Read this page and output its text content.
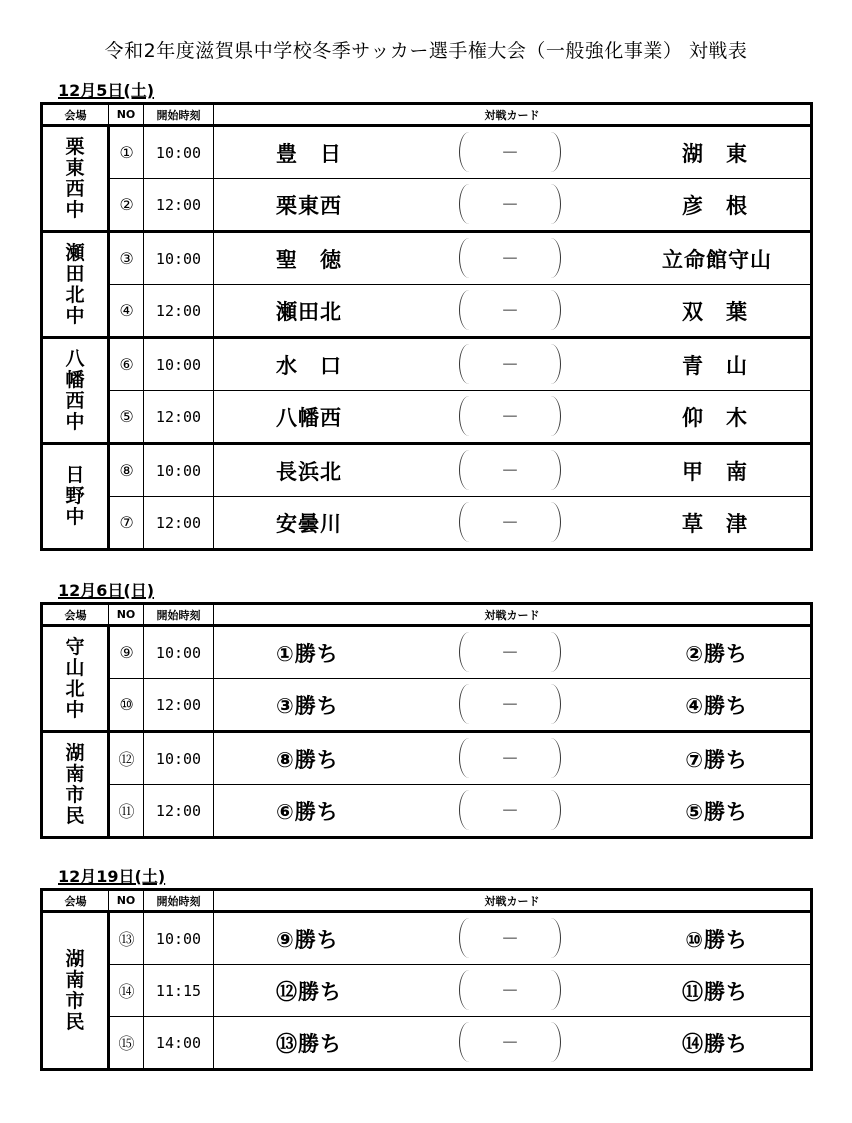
令和2年度滋賀県中学校冬季サッカー選手権大会（一般強化事業） 対戦表
12月5日(土)
会場	NO	開始時刻	対戦カード
栗東西中	①	10:00	豊　日 － 湖　東

	②	12:00	栗東西 － 彦　根

瀬田北中	③	10:00	聖　徳 － 立命館守山

	④	12:00	瀬田北 － 双　葉

八幡西中	⑥	10:00	水　口 － 青　山

	⑤	12:00	八幡西 － 仰　木

日野中	⑧	10:00	長浜北 － 甲　南

	⑦	12:00	安曇川 － 草　津
12月6日(日)
会場	NO	開始時刻	対戦カード
守山北中	⑨	10:00	①勝ち － ②勝ち

	⑩	12:00	③勝ち － ④勝ち

湖南市民	⑫	10:00	⑧勝ち － ⑦勝ち

	⑪	12:00	⑥勝ち － ⑤勝ち
12月19日(土)
会場	NO	開始時刻	対戦カード
湖南市民	⑬	10:00	⑨勝ち － ⑩勝ち

	⑭	11:15	⑫勝ち － ⑪勝ち

	⑮	14:00	⑬勝ち － ⑭勝ち
